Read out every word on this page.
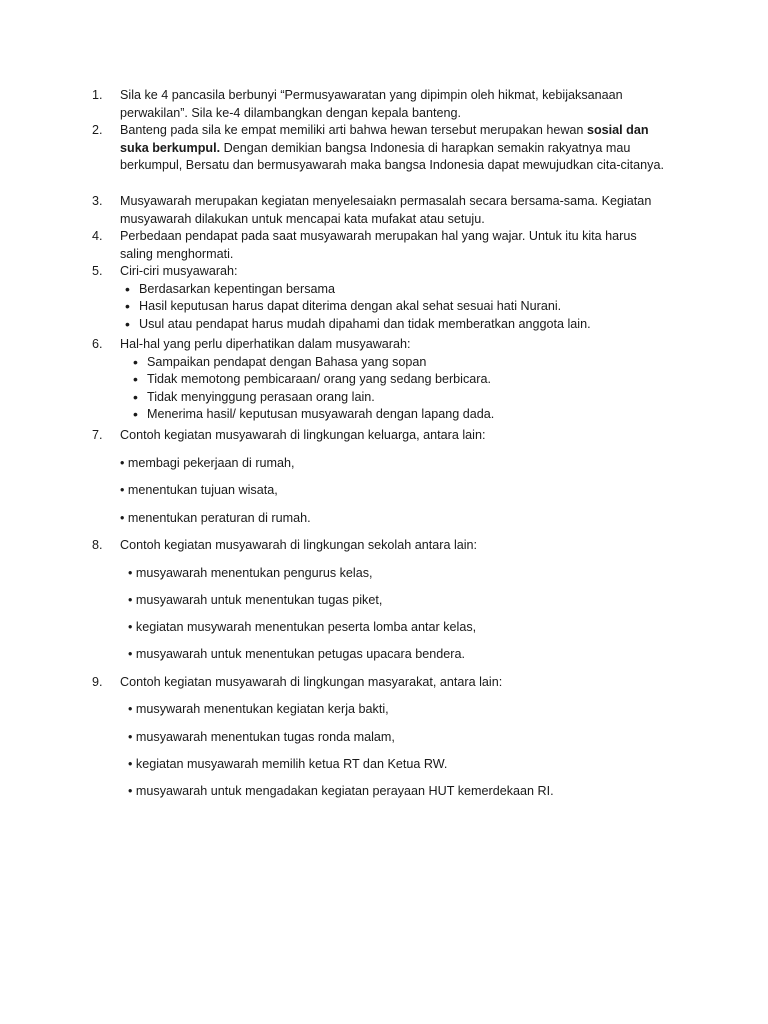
1.	Sila ke 4 pancasila berbunyi “Permusyawaratan yang dipimpin oleh hikmat, kebijaksanaan
perwakilan”. Sila ke-4 dilambangkan dengan kepala banteng.
2.	Banteng pada sila ke empat memiliki arti bahwa hewan tersebut merupakan hewan sosial dan suka berkumpul. Dengan demikian bangsa Indonesia di harapkan semakin rakyatnya mau berkumpul, Bersatu dan bermusyawarah maka bangsa Indonesia dapat mewujudkan cita-citanya.
3.	Musyawarah merupakan kegiatan menyelesaiakn permasalah secara bersama-sama. Kegiatan musyawarah dilakukan untuk mencapai kata mufakat atau setuju.
4.	Perbedaan pendapat pada saat musyawarah merupakan hal yang wajar. Untuk itu kita harus saling menghormati.
5.	Ciri-ciri musyawarah:
• Berdasarkan kepentingan bersama
• Hasil keputusan harus dapat diterima dengan akal sehat sesuai hati Nurani.
• Usul atau pendapat harus mudah dipahami dan tidak memberatkan anggota lain.
6.	Hal-hal yang perlu diperhatikan dalam musyawarah:
• Sampaikan pendapat dengan Bahasa yang sopan
• Tidak memotong pembicaraan/ orang yang sedang berbicara.
• Tidak menyinggung perasaan orang lain.
• Menerima hasil/ keputusan musyawarah dengan lapang dada.
7.	Contoh kegiatan musyawarah di lingkungan keluarga, antara lain:
• membagi pekerjaan di rumah,
• menentukan tujuan wisata,
• menentukan peraturan di rumah.
8.	Contoh kegiatan musyawarah di lingkungan sekolah antara lain:
• musyawarah menentukan pengurus kelas,
• musyawarah untuk menentukan tugas piket,
• kegiatan musywarah menentukan peserta lomba antar kelas,
• musyawarah untuk menentukan petugas upacara bendera.
9.	Contoh kegiatan musyawarah di lingkungan masyarakat, antara lain:
• musywarah menentukan kegiatan kerja bakti,
• musyawarah menentukan tugas ronda malam,
• kegiatan musyawarah memilih ketua RT dan Ketua RW.
• musyawarah untuk mengadakan kegiatan perayaan HUT kemerdekaan RI.
